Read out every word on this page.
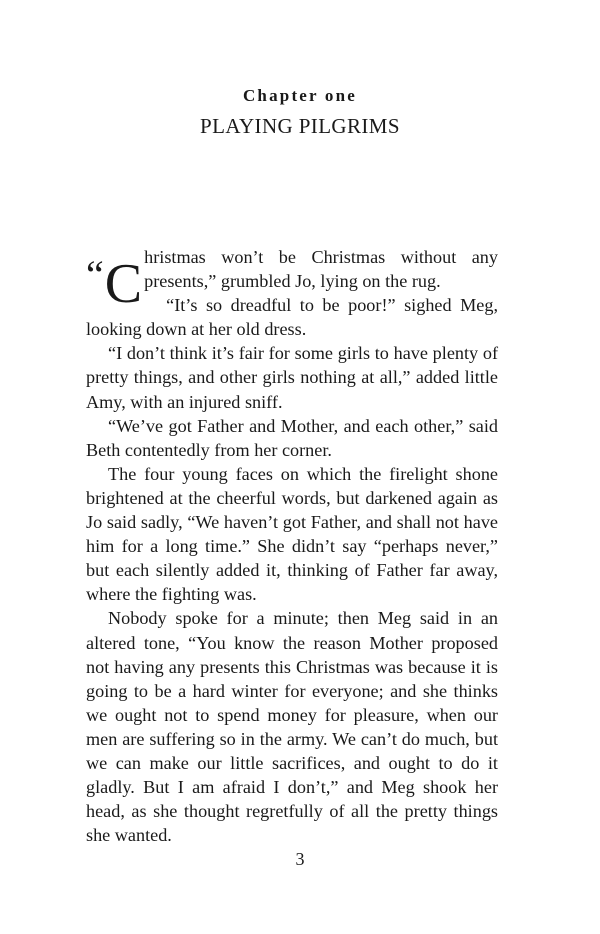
Chapter one
PLAYING PILGRIMS

“C hristmas won’t be Christmas without any presents,” grumbled Jo, lying on the rug.

“It’s so dreadful to be poor!” sighed Meg, looking down at her old dress.

“I don’t think it’s fair for some girls to have plenty of pretty things, and other girls nothing at all,” added little Amy, with an injured sniff.

“We’ve got Father and Mother, and each other,” said Beth contentedly from her corner.

The four young faces on which the firelight shone brightened at the cheerful words, but darkened again as Jo said sadly, “We haven’t got Father, and shall not have him for a long time.” She didn’t say “perhaps never,” but each silently added it, thinking of Father far away, where the fighting was.

Nobody spoke for a minute; then Meg said in an altered tone, “You know the reason Mother proposed not having any presents this Christmas was because it is going to be a hard winter for everyone; and she thinks we ought not to spend money for pleasure, when our men are suffering so in the army. We can’t do much, but we can make our little sacrifices, and ought to do it gladly. But I am afraid I don’t,” and Meg shook her head, as she thought regretfully of all the pretty things she wanted.

3
